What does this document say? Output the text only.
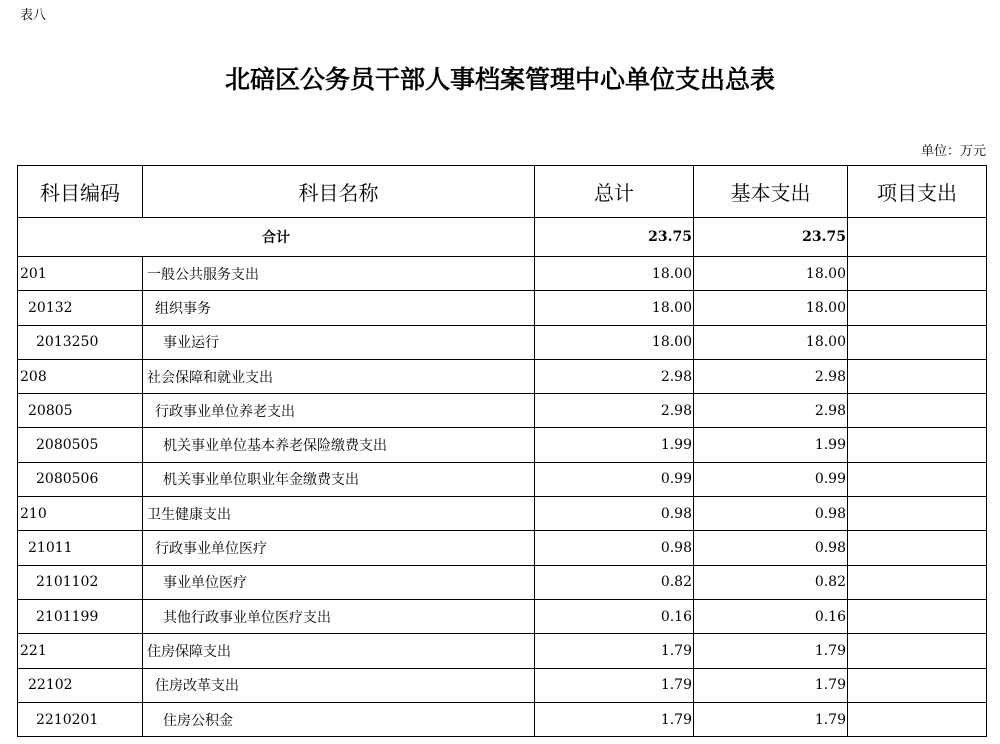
表八
北碚区公务员干部人事档案管理中心单位支出总表
单位：万元
科目编码	科目名称	总计	基本支出	项目支出
合计		23.75	23.75	
201	一般公共服务支出	18.00	18.00	
20132	组织事务	18.00	18.00	
2013250	事业运行	18.00	18.00	
208	社会保障和就业支出	2.98	2.98	
20805	行政事业单位养老支出	2.98	2.98	
2080505	机关事业单位基本养老保险缴费支出	1.99	1.99	
2080506	机关事业单位职业年金缴费支出	0.99	0.99	
210	卫生健康支出	0.98	0.98	
21011	行政事业单位医疗	0.98	0.98	
2101102	事业单位医疗	0.82	0.82	
2101199	其他行政事业单位医疗支出	0.16	0.16	
221	住房保障支出	1.79	1.79	
22102	住房改革支出	1.79	1.79	
2210201	住房公积金	1.79	1.79	
